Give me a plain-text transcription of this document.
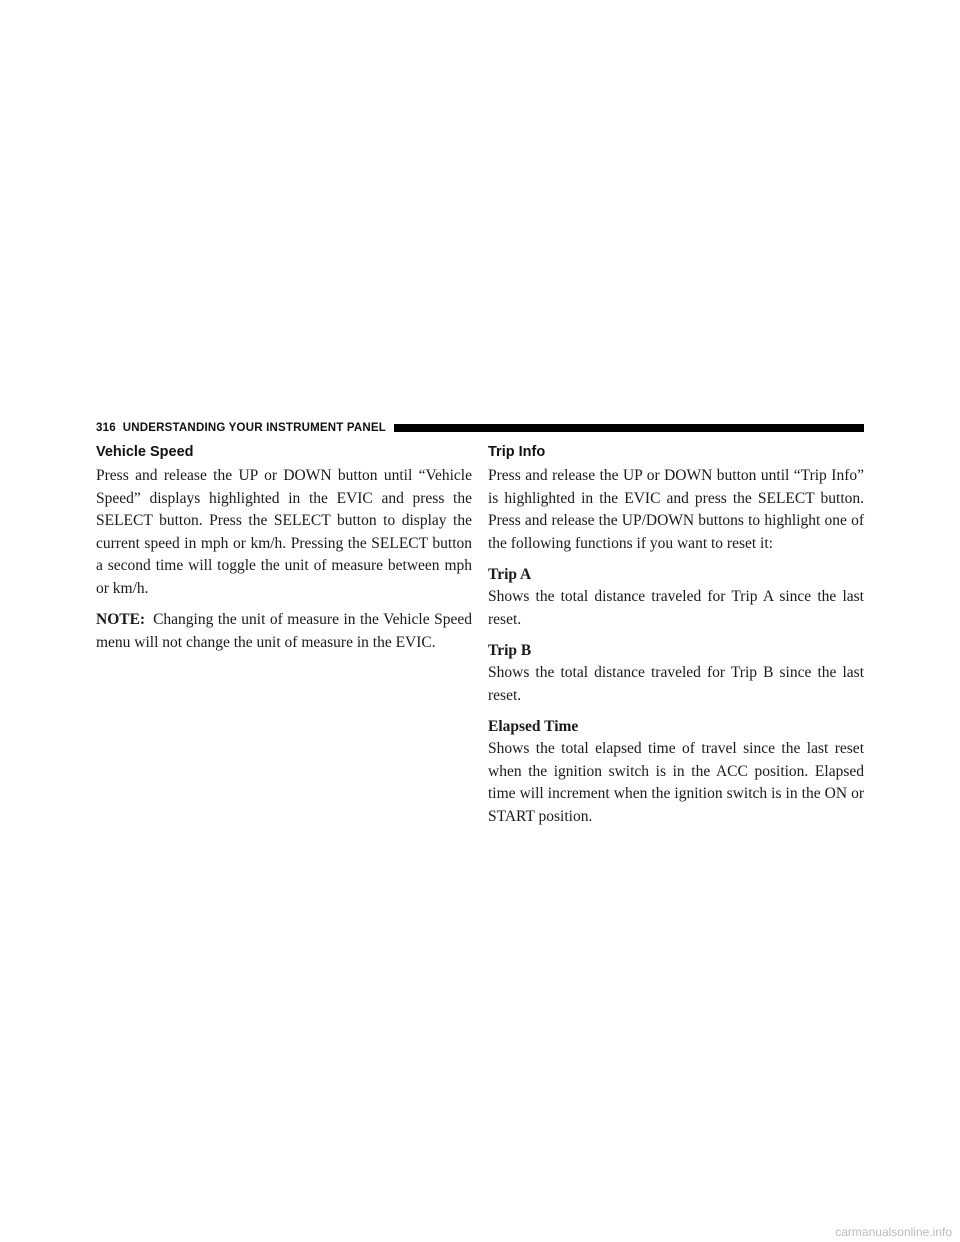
316 UNDERSTANDING YOUR INSTRUMENT PANEL
Vehicle Speed

Press and release the UP or DOWN button until “Vehicle Speed” displays highlighted in the EVIC and press the SELECT button. Press the SELECT button to display the current speed in mph or km/h. Pressing the SELECT button a second time will toggle the unit of measure between mph or km/h.

NOTE: Changing the unit of measure in the Vehicle Speed menu will not change the unit of measure in the EVIC.

Trip Info

Press and release the UP or DOWN button until “Trip Info” is highlighted in the EVIC and press the SELECT button. Press and release the UP/DOWN buttons to highlight one of the following functions if you want to reset it:

Trip A

Shows the total distance traveled for Trip A since the last reset.

Trip B

Shows the total distance traveled for Trip B since the last reset.

Elapsed Time

Shows the total elapsed time of travel since the last reset when the ignition switch is in the ACC position. Elapsed time will increment when the ignition switch is in the ON or START position.

carmanualsonline.info
